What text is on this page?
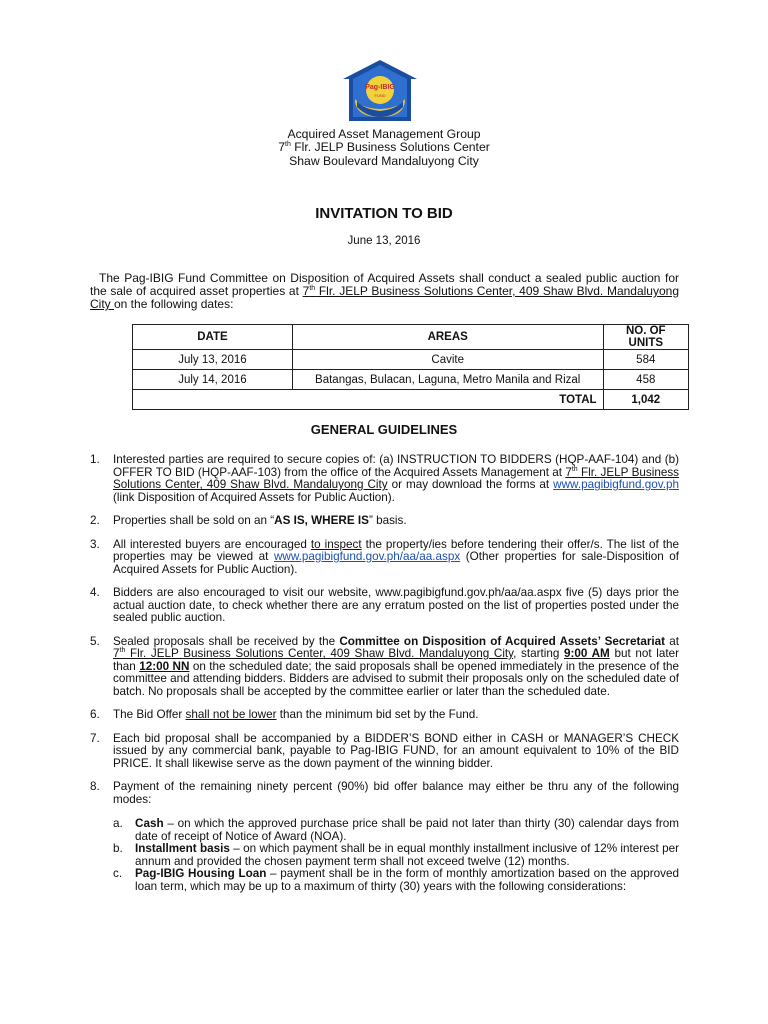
Pag-IBIG
FUND
Acquired Asset Management Group
7th Flr. JELP Business Solutions Center
Shaw Boulevard Mandaluyong City
INVITATION TO BID
June 13, 2016
The Pag-IBIG Fund Committee on Disposition of Acquired Assets shall conduct a sealed public auction for the sale of acquired asset properties at 7th Flr. JELP Business Solutions Center, 409 Shaw Blvd. Mandaluyong City on the following dates:
DATE	AREAS	NO. OF UNITS
July 13, 2016	Cavite	584
July 14, 2016	Batangas, Bulacan, Laguna, Metro Manila and Rizal	458
TOTAL		1,042
GENERAL GUIDELINES
1. Interested parties are required to secure copies of: (a) INSTRUCTION TO BIDDERS (HQP-AAF-104) and (b) OFFER TO BID (HQP-AAF-103) from the office of the Acquired Assets Management at 7th Flr. JELP Business Solutions Center, 409 Shaw Blvd. Mandaluyong City or may download the forms at www.pagibigfund.gov.ph (link Disposition of Acquired Assets for Public Auction).
2. Properties shall be sold on an “AS IS, WHERE IS” basis.
3. All interested buyers are encouraged to inspect the property/ies before tendering their offer/s. The list of the properties may be viewed at www.pagibigfund.gov.ph/aa/aa.aspx (Other properties for sale-Disposition of Acquired Assets for Public Auction).
4. Bidders are also encouraged to visit our website, www.pagibigfund.gov.ph/aa/aa.aspx five (5) days prior the actual auction date, to check whether there are any erratum posted on the list of properties posted under the sealed public auction.
5. Sealed proposals shall be received by the Committee on Disposition of Acquired Assets’ Secretariat at 7th Flr. JELP Business Solutions Center, 409 Shaw Blvd. Mandaluyong City, starting 9:00 AM but not later than 12:00 NN on the scheduled date; the said proposals shall be opened immediately in the presence of the committee and attending bidders. Bidders are advised to submit their proposals only on the scheduled date of batch. No proposals shall be accepted by the committee earlier or later than the scheduled date.
6. The Bid Offer shall not be lower than the minimum bid set by the Fund.
7. Each bid proposal shall be accompanied by a BIDDER’S BOND either in CASH or MANAGER’S CHECK issued by any commercial bank, payable to Pag-IBIG FUND, for an amount equivalent to 10% of the BID PRICE. It shall likewise serve as the down payment of the winning bidder.
8. Payment of the remaining ninety percent (90%) bid offer balance may either be thru any of the following modes:
a. Cash – on which the approved purchase price shall be paid not later than thirty (30) calendar days from date of receipt of Notice of Award (NOA).
b. Installment basis – on which payment shall be in equal monthly installment inclusive of 12% interest per annum and provided the chosen payment term shall not exceed twelve (12) months.
c. Pag-IBIG Housing Loan – payment shall be in the form of monthly amortization based on the approved loan term, which may be up to a maximum of thirty (30) years with the following considerations:
